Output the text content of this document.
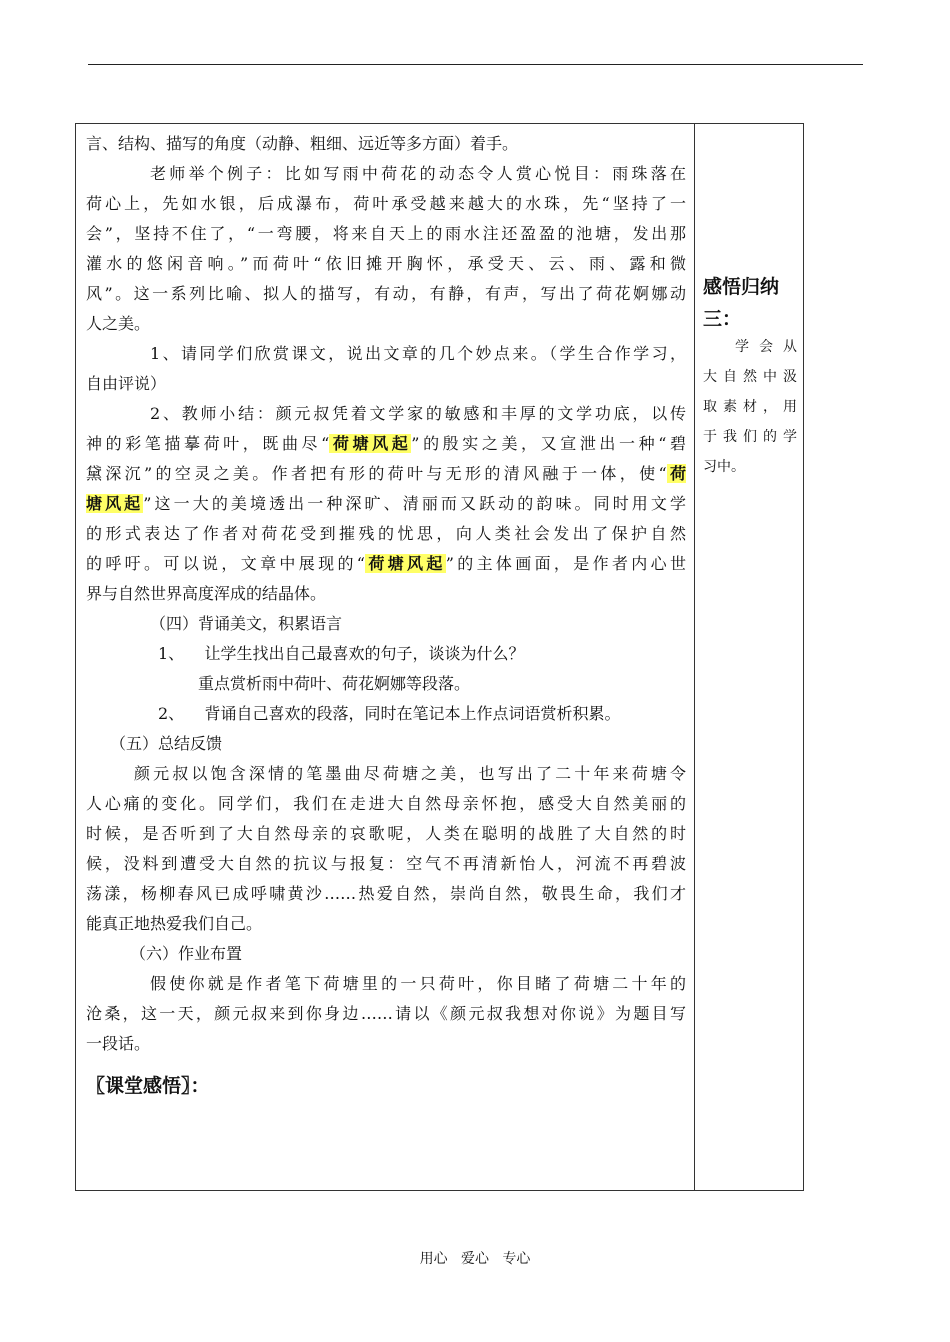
言、结构、描写的角度（动静、粗细、远近等多方面）着手。
老师举个例子：比如写雨中荷花的动态令人赏心悦目：雨珠落在
荷心上，先如水银，后成瀑布，荷叶承受越来越大的水珠，先“坚持了一
会”，坚持不住了，“一弯腰，将来自天上的雨水注还盈盈的池塘，发出那
灌水的悠闲音响。”而荷叶“依旧摊开胸怀，承受天、云、雨、露和微
风”。这一系列比喻、拟人的描写，有动，有静，有声，写出了荷花婀娜动
人之美。
1、请同学们欣赏课文，说出文章的几个妙点来。（学生合作学习，
自由评说）
2、教师小结：颜元叔凭着文学家的敏感和丰厚的文学功底，以传
神的彩笔描摹荷叶，既曲尽“荷塘风起”的殷实之美，又宣泄出一种“碧
黛深沉”的空灵之美。作者把有形的荷叶与无形的清风融于一体，使“荷
塘风起”这一大的美境透出一种深旷、清丽而又跃动的韵味。同时用文学
的形式表达了作者对荷花受到摧残的忧思，向人类社会发出了保护自然
的呼吁。可以说，文章中展现的“荷塘风起”的主体画面，是作者内心世
界与自然世界高度浑成的结晶体。
（四）背诵美文，积累语言
1、    让学生找出自己最喜欢的句子，谈谈为什么？
重点赏析雨中荷叶、荷花婀娜等段落。
2、    背诵自己喜欢的段落，同时在笔记本上作点词语赏析积累。
（五）总结反馈
颜元叔以饱含深情的笔墨曲尽荷塘之美，也写出了二十年来荷塘令
人心痛的变化。同学们，我们在走进大自然母亲怀抱，感受大自然美丽的
时候，是否听到了大自然母亲的哀歌呢，人类在聪明的战胜了大自然的时
候，没料到遭受大自然的抗议与报复：空气不再清新怡人，河流不再碧波
荡漾，杨柳春风已成呼啸黄沙……热爱自然，崇尚自然，敬畏生命，我们才
能真正地热爱我们自己。
（六）作业布置
假使你就是作者笔下荷塘里的一只荷叶，你目睹了荷塘二十年的
沧桑，这一天，颜元叔来到你身边……请以《颜元叔我想对你说》为题目写
一段话。
〖课堂感悟〗：
感悟归纳
三：
学会从
大自然中汲
取素材，用
于我们的学
习中。
用心   爱心   专心
